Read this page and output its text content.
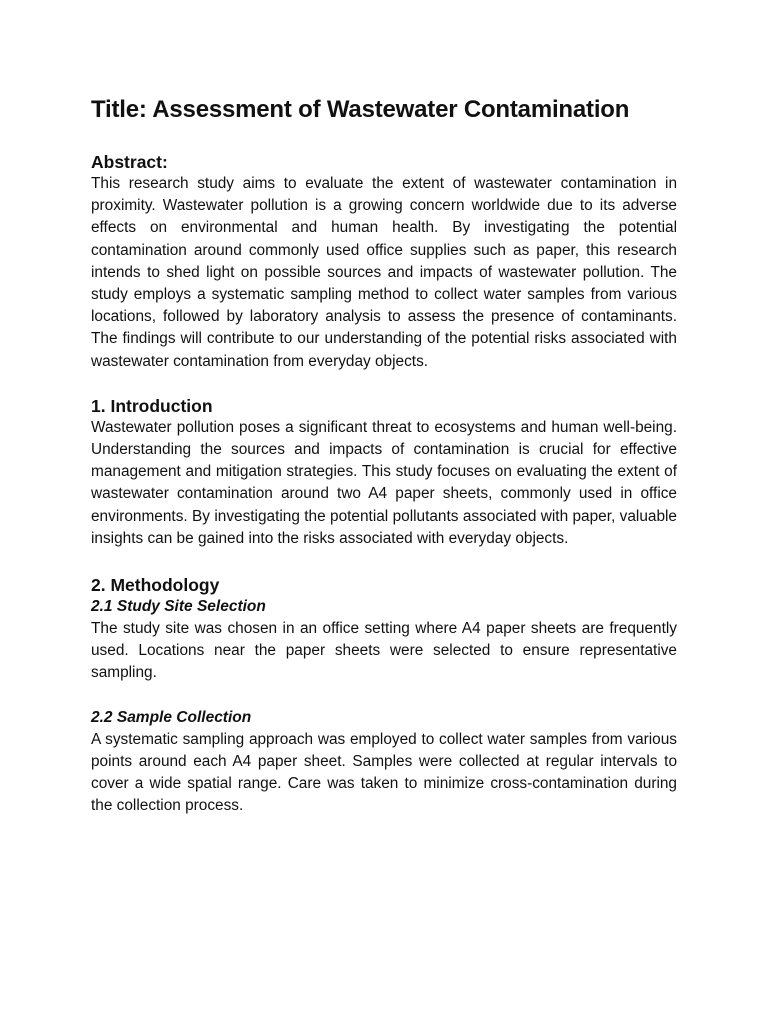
Title: Assessment of Wastewater Contamination
Abstract:

This research study aims to evaluate the extent of wastewater contamination in proximity. Wastewater pollution is a growing concern worldwide due to its adverse effects on environmental and human health. By investigating the potential contamination around commonly used office supplies such as paper, this research intends to shed light on possible sources and impacts of wastewater pollution. The study employs a systematic sampling method to collect water samples from various locations, followed by laboratory analysis to assess the presence of contaminants. The findings will contribute to our understanding of the potential risks associated with wastewater contamination from everyday objects.

1. Introduction

Wastewater pollution poses a significant threat to ecosystems and human well-being. Understanding the sources and impacts of contamination is crucial for effective management and mitigation strategies. This study focuses on evaluating the extent of wastewater contamination around two A4 paper sheets, commonly used in office environments. By investigating the potential pollutants associated with paper, valuable insights can be gained into the risks associated with everyday objects.

2. Methodology
2.1 Study Site Selection

The study site was chosen in an office setting where A4 paper sheets are frequently used. Locations near the paper sheets were selected to ensure representative sampling.

2.2 Sample Collection

A systematic sampling approach was employed to collect water samples from various points around each A4 paper sheet. Samples were collected at regular intervals to cover a wide spatial range. Care was taken to minimize cross-contamination during the collection process.
